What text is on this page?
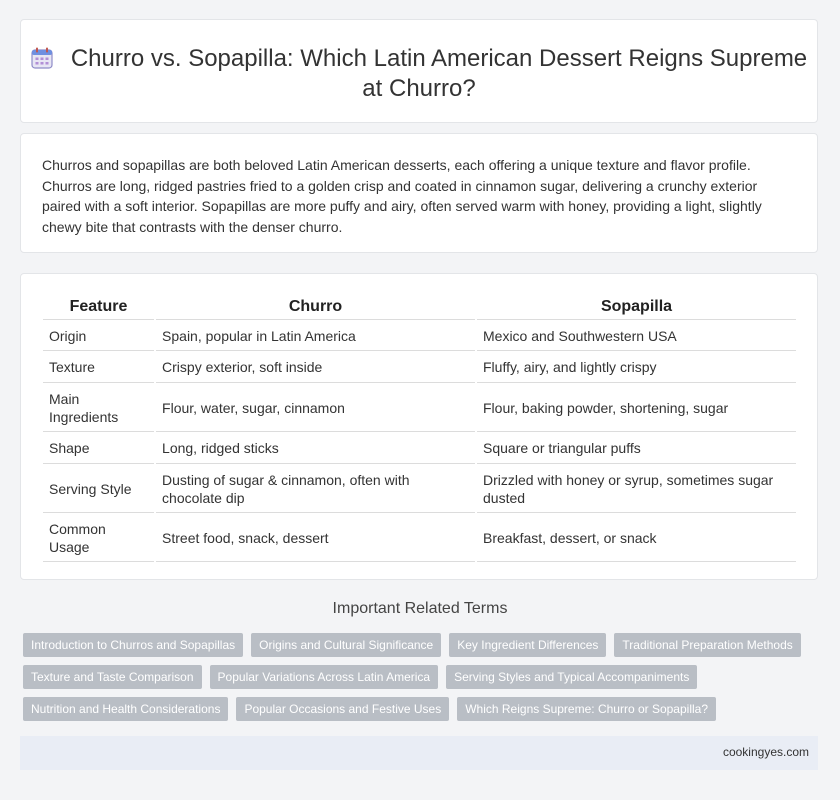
Churro vs. Sopapilla: Which Latin American Dessert Reigns Supreme at Churro?
Churros and sopapillas are both beloved Latin American desserts, each offering a unique texture and flavor profile. Churros are long, ridged pastries fried to a golden crisp and coated in cinnamon sugar, delivering a crunchy exterior paired with a soft interior. Sopapillas are more puffy and airy, often served warm with honey, providing a light, slightly chewy bite that contrasts with the denser churro.
Feature	Churro	Sopapilla
Origin	Spain, popular in Latin America	Mexico and Southwestern USA
Texture	Crispy exterior, soft inside	Fluffy, airy, and lightly crispy
Main Ingredients	Flour, water, sugar, cinnamon	Flour, baking powder, shortening, sugar
Shape	Long, ridged sticks	Square or triangular puffs
Serving Style	Dusting of sugar & cinnamon, often with chocolate dip	Drizzled with honey or syrup, sometimes sugar dusted
Common Usage	Street food, snack, dessert	Breakfast, dessert, or snack
Important Related Terms
Introduction to Churros and Sopapillas Origins and Cultural Significance Key Ingredient Differences Traditional Preparation Methods
Texture and Taste Comparison Popular Variations Across Latin America Serving Styles and Typical Accompaniments
Nutrition and Health Considerations Popular Occasions and Festive Uses Which Reigns Supreme: Churro or Sopapilla?
cookingyes.com
